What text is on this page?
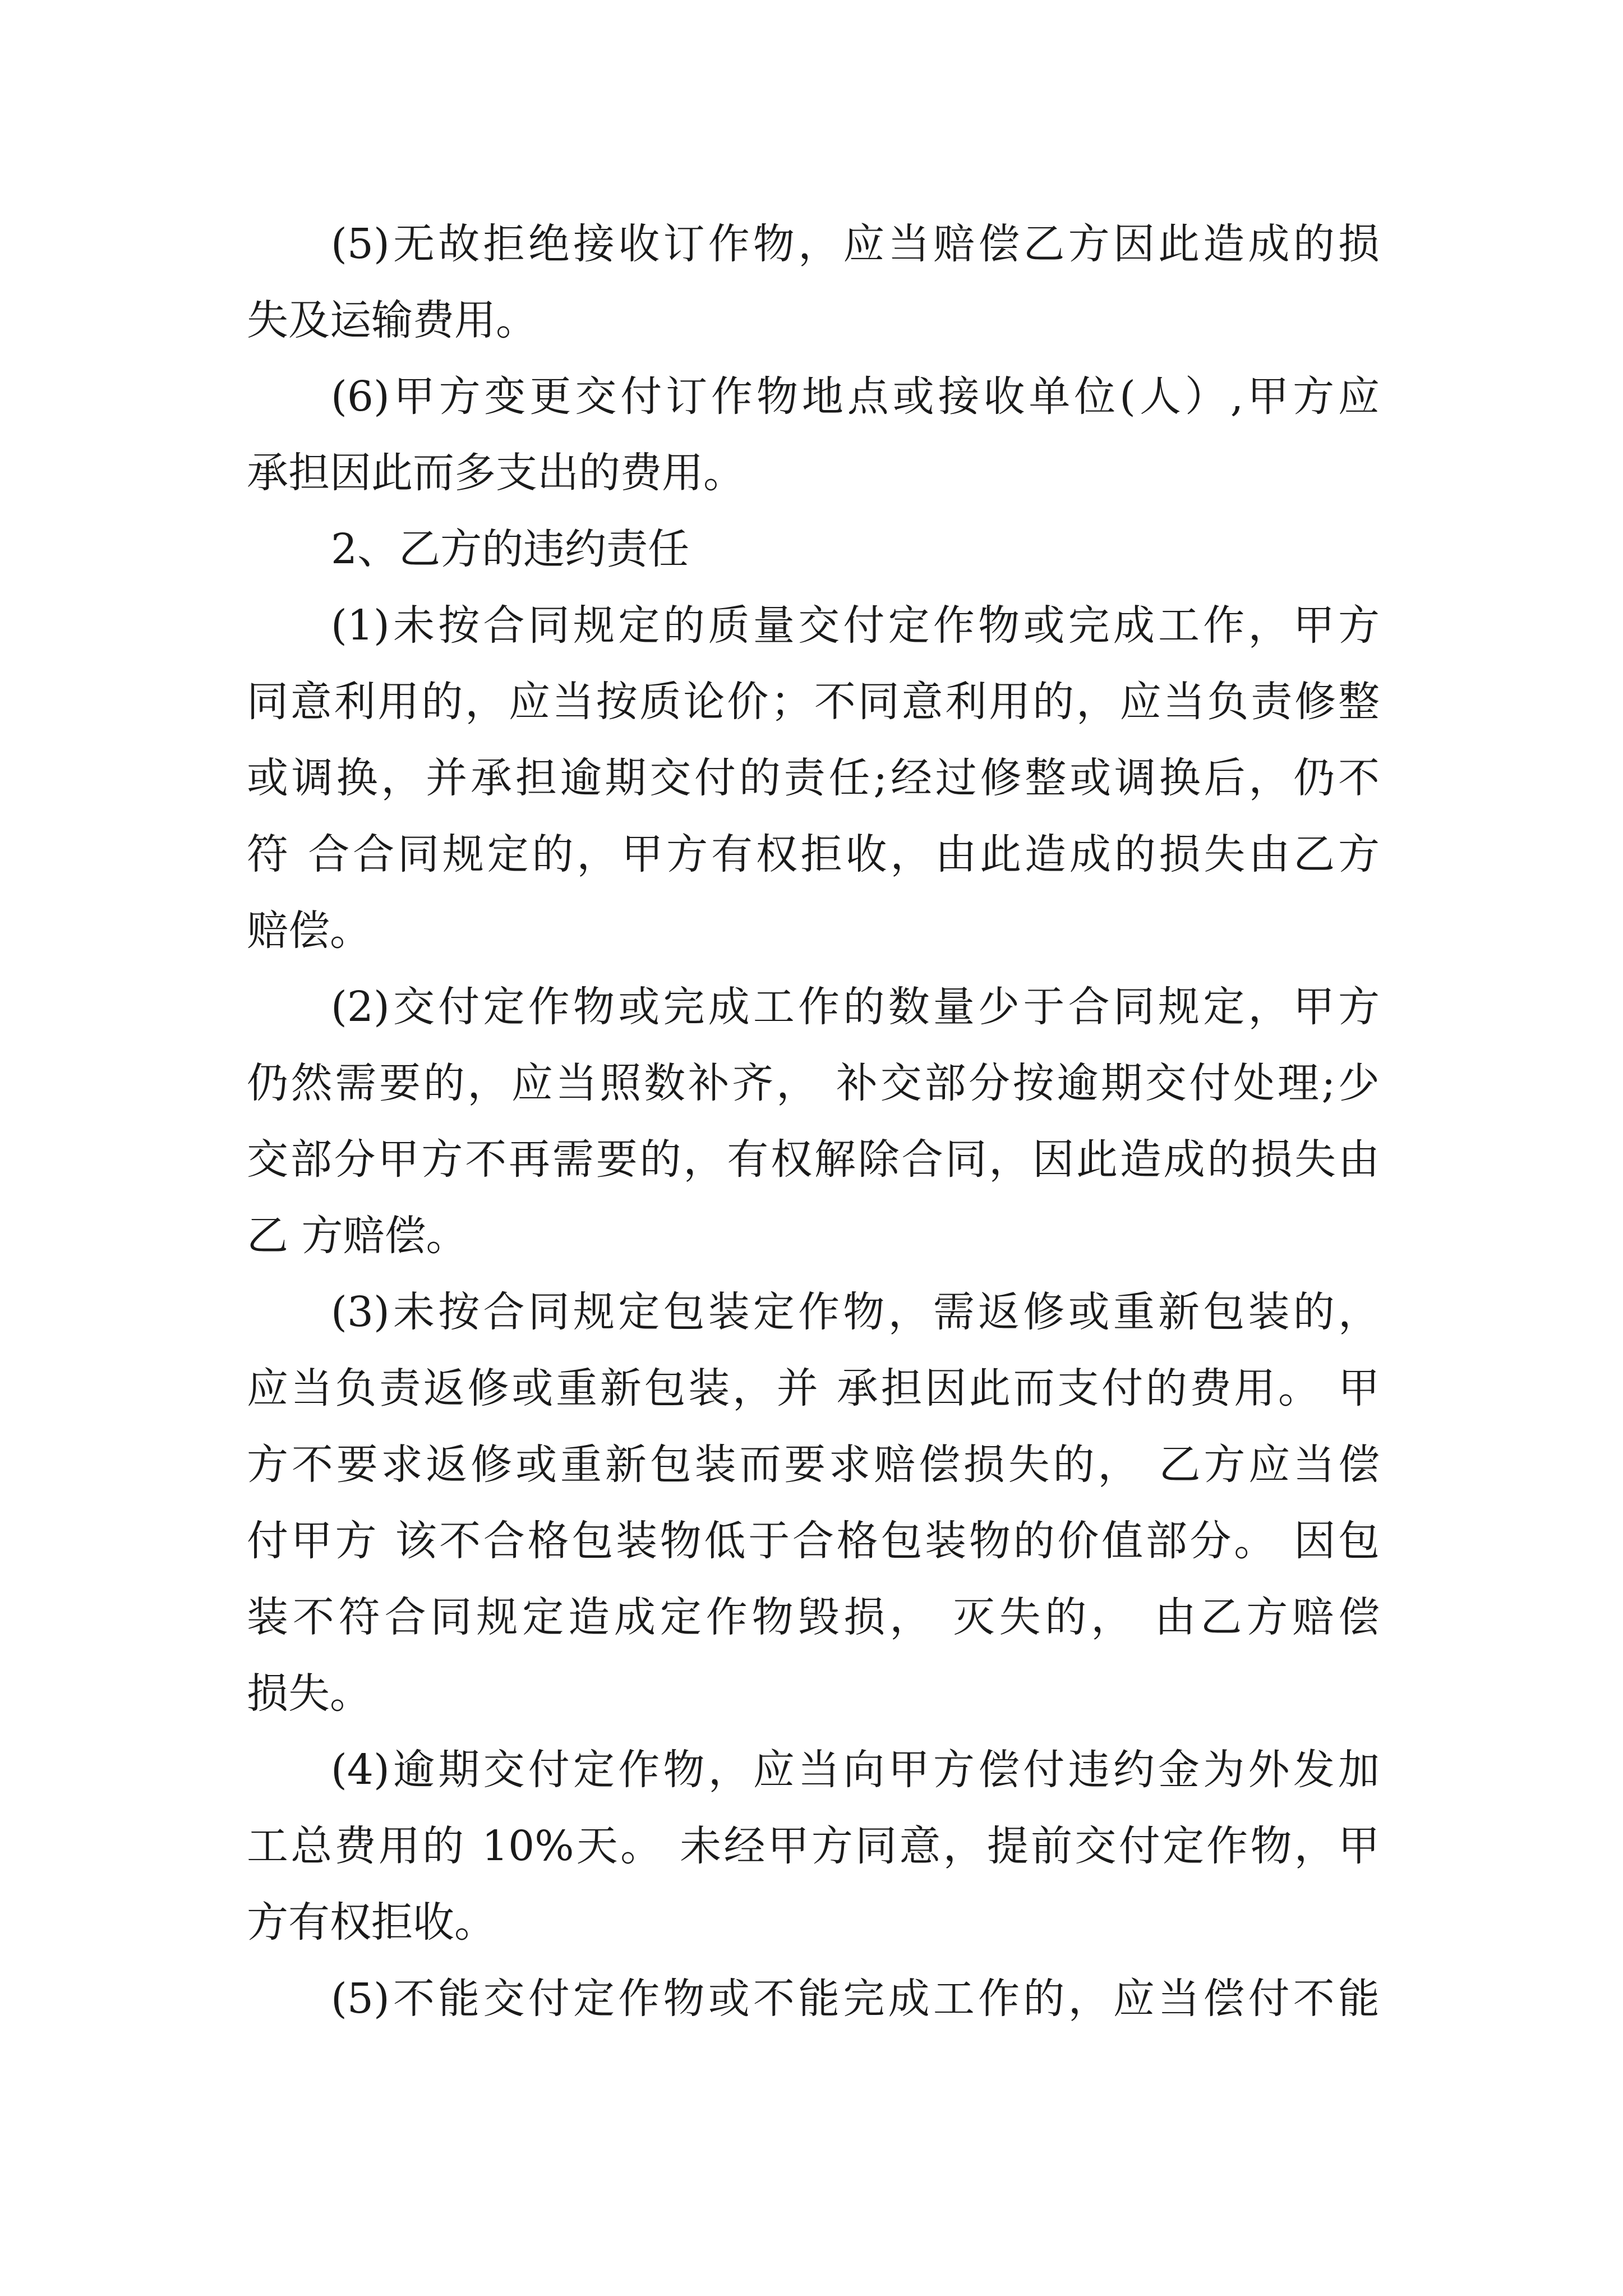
(5)无故拒绝接收订作物，应当赔偿乙方因此造成的损

失及运输费用。

(6)甲方变更交付订作物地点或接收单位(人）,甲方应

承担因此而多支出的费用。

2、乙方的违约责任

(1)未按合同规定的质量交付定作物或完成工作，甲方

同意利用的，应当按质论价；不同意利用的，应当负责修整

或调换，并承担逾期交付的责任;经过修整或调换后，仍不

符 合合同规定的，甲方有权拒收，由此造成的损失由乙方

赔偿。

(2)交付定作物或完成工作的数量少于合同规定，甲方

仍然需要的，应当照数补齐， 补交部分按逾期交付处理;少

交部分甲方不再需要的，有权解除合同，因此造成的损失由

乙 方赔偿。

(3)未按合同规定包装定作物，需返修或重新包装的，

应当负责返修或重新包装，并 承担因此而支付的费用。 甲

方不要求返修或重新包装而要求赔偿损失的， 乙方应当偿

付甲方 该不合格包装物低于合格包装物的价值部分。 因包

装不符合同规定造成定作物毁损， 灭失的， 由乙方赔偿

损失。

(4)逾期交付定作物，应当向甲方偿付违约金为外发加

工总费用的 10%天。 未经甲方同意，提前交付定作物，甲

方有权拒收。

(5)不能交付定作物或不能完成工作的，应当偿付不能
